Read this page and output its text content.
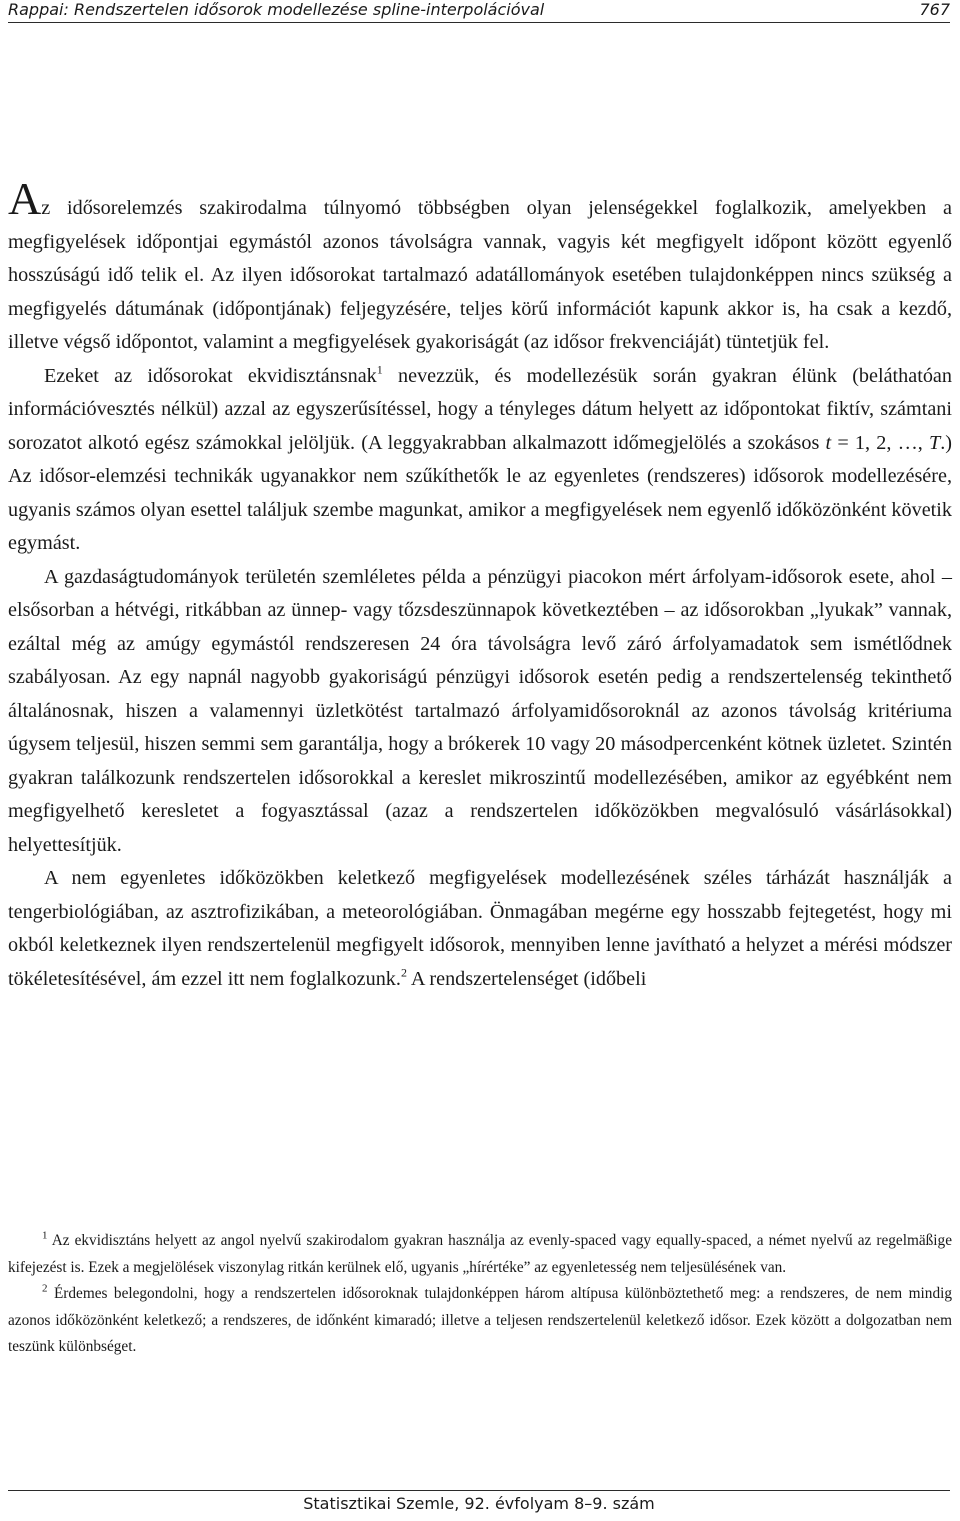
Rappai: Rendszertelen idősorok modellezése spline-interpolációval	767

Az idősorelemzés szakirodalma túlnyomó többségben olyan jelenségekkel foglalkozik, amelyekben a megfigyelések időpontjai egymástól azonos távolságra vannak, vagyis két megfigyelt időpont között egyenlő hosszúságú idő telik el. Az ilyen idősorokat tartalmazó adatállományok esetében tulajdonképpen nincs szükség a megfigyelés dátumának (időpontjának) feljegyzésére, teljes körű információt kapunk akkor is, ha csak a kezdő, illetve végső időpontot, valamint a megfigyelések gyakoriságát (az idősor frekvenciáját) tüntetjük fel.

Ezeket az idősorokat ekvidisztánsnak$^1$ nevezzük, és modellezésük során gyakran élünk (beláthatóan információvesztés nélkül) azzal az egyszerűsítéssel, hogy a tényleges dátum helyett az időpontokat fiktív, számtani sorozatot alkotó egész számokkal jelöljük. (A leggyakrabban alkalmazott időmegjelölés a szokásos t = 1, 2, …, T.) Az idősor-elemzési technikák ugyanakkor nem szűkíthetők le az egyenletes (rendszeres) idősorok modellezésére, ugyanis számos olyan esettel találjuk szembe magunkat, amikor a megfigyelések nem egyenlő időközönként követik egymást.

A gazdaságtudományok területén szemléletes példa a pénzügyi piacokon mért árfolyam-idősorok esete, ahol – elsősorban a hétvégi, ritkábban az ünnep- vagy tőzsdeszünnapok következtében – az idősorokban „lyukak” vannak, ezáltal még az amúgy egymástól rendszeresen 24 óra távolságra levő záró árfolyamadatok sem ismétlődnek szabályosan. Az egy napnál nagyobb gyakoriságú pénzügyi idősorok esetén pedig a rendszertelenség tekinthető általánosnak, hiszen a valamennyi üzletkötést tartalmazó árfolyamidősoroknál az azonos távolság kritériuma úgysem teljesül, hiszen semmi sem garantálja, hogy a brókerek 10 vagy 20 másodpercenként kötnek üzletet. Szintén gyakran találkozunk rendszertelen idősorokkal a kereslet mikroszintű modellezésében, amikor az egyébként nem megfigyelhető keresletet a fogyasztással (azaz a rendszertelen időközökben megvalósuló vásárlásokkal) helyettesítjük.

A nem egyenletes időközökben keletkező megfigyelések modellezésének széles tárházát használják a tengerbiológiában, az asztrofizikában, a meteorológiában. Önmagában megérne egy hosszabb fejtegetést, hogy mi okból keletkeznek ilyen rendszertelenül megfigyelt idősorok, mennyiben lenne javítható a helyzet a mérési módszer tökéletesítésével, ám ezzel itt nem foglalkozunk.$^2$ A rendszertelenséget (időbeli

$^1$ Az ekvidisztáns helyett az angol nyelvű szakirodalom gyakran használja az evenly-spaced vagy equally-spaced, a német nyelvű az regelmäßige kifejezést is. Ezek a megjelölések viszonylag ritkán kerülnek elő, ugyanis „hírértéke” az egyenletesség nem teljesülésének van.

$^2$ Érdemes belegondolni, hogy a rendszertelen idősoroknak tulajdonképpen három altípusa különböztethető meg: a rendszeres, de nem mindig azonos időközönként keletkező; a rendszeres, de időnként kimaradó; illetve a teljesen rendszertelenül keletkező idősor. Ezek között a dolgozatban nem teszünk különbséget.

Statisztikai Szemle, 92. évfolyam 8–9. szám
